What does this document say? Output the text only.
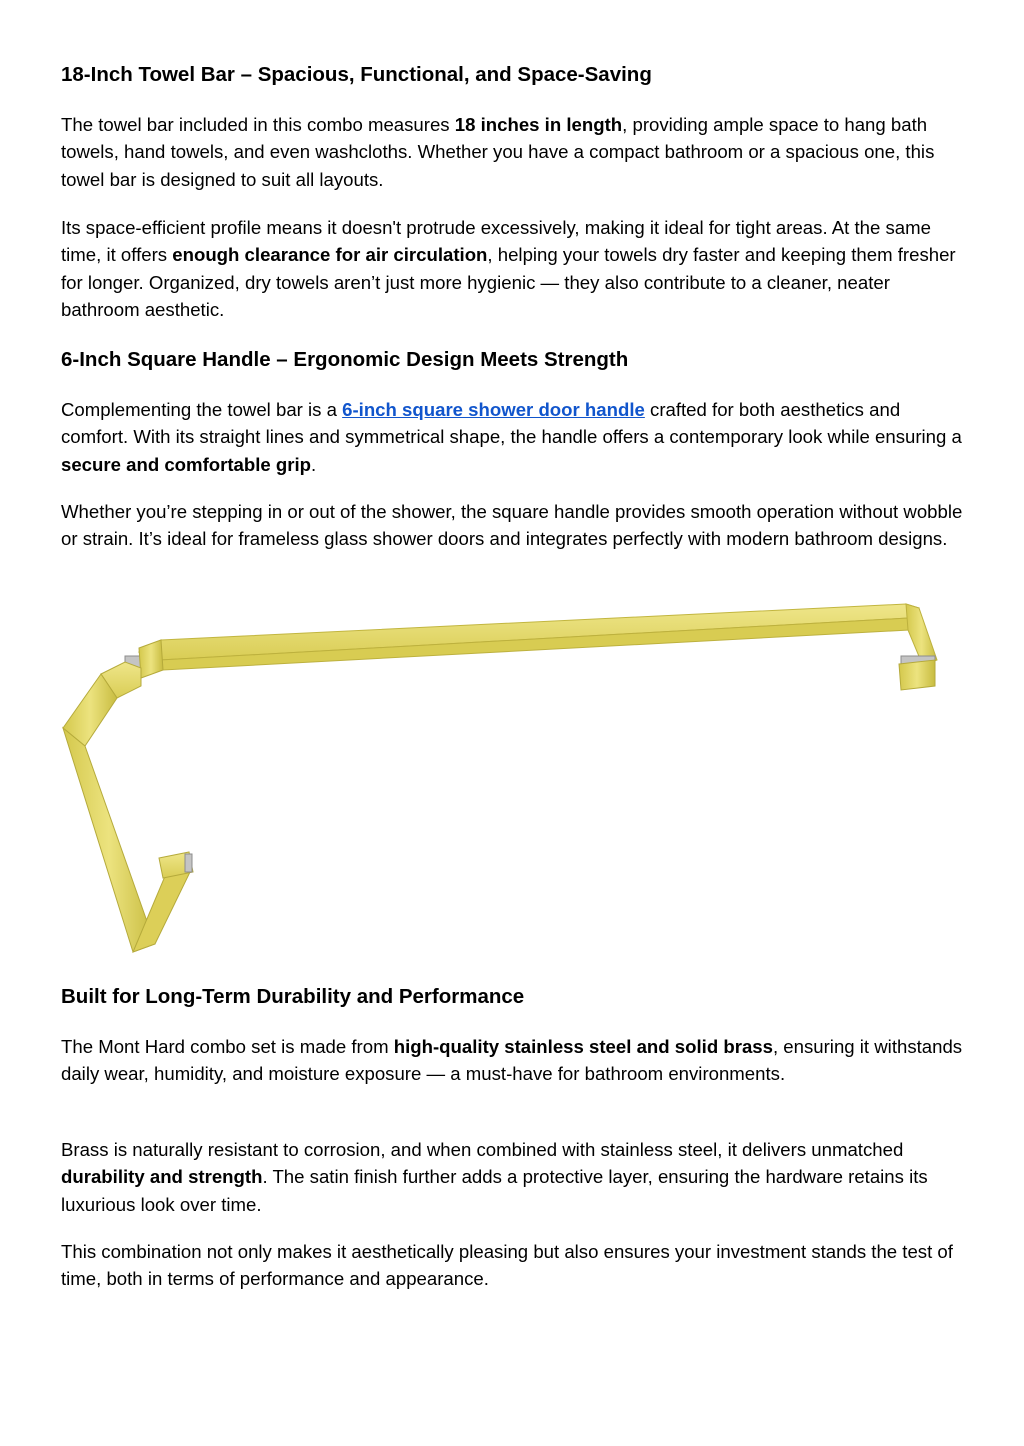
18-Inch Towel Bar – Spacious, Functional, and Space-Saving

The towel bar included in this combo measures 18 inches in length, providing ample space to hang bath towels, hand towels, and even washcloths. Whether you have a compact bathroom or a spacious one, this towel bar is designed to suit all layouts.

Its space-efficient profile means it doesn't protrude excessively, making it ideal for tight areas. At the same time, it offers enough clearance for air circulation, helping your towels dry faster and keeping them fresher for longer. Organized, dry towels aren’t just more hygienic — they also contribute to a cleaner, neater bathroom aesthetic.

6-Inch Square Handle – Ergonomic Design Meets Strength

Complementing the towel bar is a 6-inch square shower door handle crafted for both aesthetics and comfort. With its straight lines and symmetrical shape, the handle offers a contemporary look while ensuring a secure and comfortable grip.

Whether you’re stepping in or out of the shower, the square handle provides smooth operation without wobble or strain. It’s ideal for frameless glass shower doors and integrates perfectly with modern bathroom designs.

Built for Long-Term Durability and Performance

The Mont Hard combo set is made from high-quality stainless steel and solid brass, ensuring it withstands daily wear, humidity, and moisture exposure — a must-have for bathroom environments.

Brass is naturally resistant to corrosion, and when combined with stainless steel, it delivers unmatched durability and strength. The satin finish further adds a protective layer, ensuring the hardware retains its luxurious look over time.

This combination not only makes it aesthetically pleasing but also ensures your investment stands the test of time, both in terms of performance and appearance.
